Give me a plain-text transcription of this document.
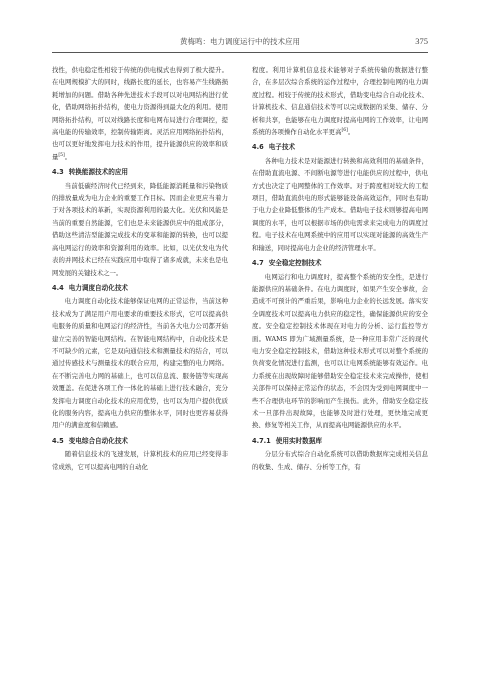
黄梅鸣：电力调度运行中的技术应用	375

找性，供电稳定性相较于传统的供电模式也得到了极大提升。在电网规模扩大的同时，线路长度的延长，也容易产生线路损耗增加的问题。借助各种先进技术手段可以对电网结构进行优化，借助网络拓扑结构，使电力资源得到最大化的利用。使用网络拓扑结构，可以对线路长度和电网布局进行合理调控，提高电能的传输效率，控制传输距离。灵活应用网络拓扑结构，也可以更好地发挥电力技术的作用，提升能源供应的效率和质量[5]。

4.3 转换能源技术的应用

当前低碳经济时代已经到来，降低能源消耗量和污染物质的排放量成为电力企业的重要工作目标。因而企业更应当着力于对各项技术的革新，实现资源利用的最大化。光伏和风能是当前的重要自然能源，它们也是未来能源供应中的组成部分，借助这些清洁型能源完成技术的变革和能源的转换，也可以提高电网运行的效率和资源利用的效率。比如，以光伏发电为代表的并网技术已经在实践应用中取得了诸多成就，未来也是电网发展的关键技术之一。

4.4 电力调度自动化技术

电力调度自动化技术能够保证电网的正常运作，当前这种技术成为了满足用户用电要求的重要技术形式，它可以提高供电服务的质量和电网运行的经济性，当前各大电力公司都开始建立完善的智能电网结构。在智能电网结构中，自动化技术是不可缺少的元素，它是双向通信技术和测量技术的结合，可以通过传感技术与测量技术的联合应用，构建完整的电力网络。在不断完善电力网的基础上，也可以信息流、服务链等实现高效覆盖。在促进各项工作一体化的基础上进行技术融合，充分发挥电力调度自动化技术的应用优势，也可以为用户提供优质化的服务内容，提高电力供应的整体水平，同时也更容易获得用户的满意度和信赖感。

4.5 变电综合自动化技术

随着信息技术的飞速发展，计算机技术的应用已经变得非常成熟，它可以提高电网的自动化

程度。利用计算机信息技术能够对子系统传输的数据进行整合，在多层次综合系统的运作过程中，合理控制电网的电力调度过程。相较于传统的技术形式，借助变电综合自动化技术、计算机技术、信息通信技术等可以完成数据的采集、储存、分析和共享，也能够在电力调度时提高电网的工作效率，让电网系统的各项操作自动化水平更高[6]。

4.6 电子技术

各种电力技术是对能源进行转换和高效利用的基础条件，在借助直流电源、不间断电源等进行电能供应的过程中，供电方式也决定了电网整体的工作效率。对于跨度相对较大的工程项目，借助直流供电的形式能够能设备高效运作，同时也有助于电力企业降低整体的生产成本。借助电子技术则够提高电网调度的水平，也可以根据市场的供电需求来完成电力的调度过程。电子技术在电网系统中的应用可以实现对能源的高效生产和输送，同时提高电力企业的经济管理水平。

4.7 安全稳定控制技术

电网运行和电力调度时，提高整个系统的安全性，是进行能源供应的基础条件。在电力调度时，如果产生安全事故，会造成不可预计的严重后果，影响电力企业的长远发展。落实安全调度技术可以提高电力供应的稳定性，确保能源供应的安全度。安全稳定控制技术体现在对电力的分析、运行监控等方面。WAMS 即为广域测量系统，是一种应用非常广泛的现代电力安全稳定控制技术，借助这种技术形式可以对整个系统的负荷变化情况进行监测，也可以让电网系统能够有效运作。电力系统在出现故障时能够借助安全稳定技术来完成操作，使相关部件可以保持正常运作的状态，不会因为受到电网调度中一些不合理供电环节的影响而产生损伤。此外，借助安全稳定技术一旦部件出现故障，也能够及时进行处理，更快地完成更换、修复等相关工作，从而提高电网能源供应的水平。

4.7.1 使用实时数据库

分层分布式综合自动化系统可以借助数据库完成相关信息的收集、生成、储存、分析等工作，有
